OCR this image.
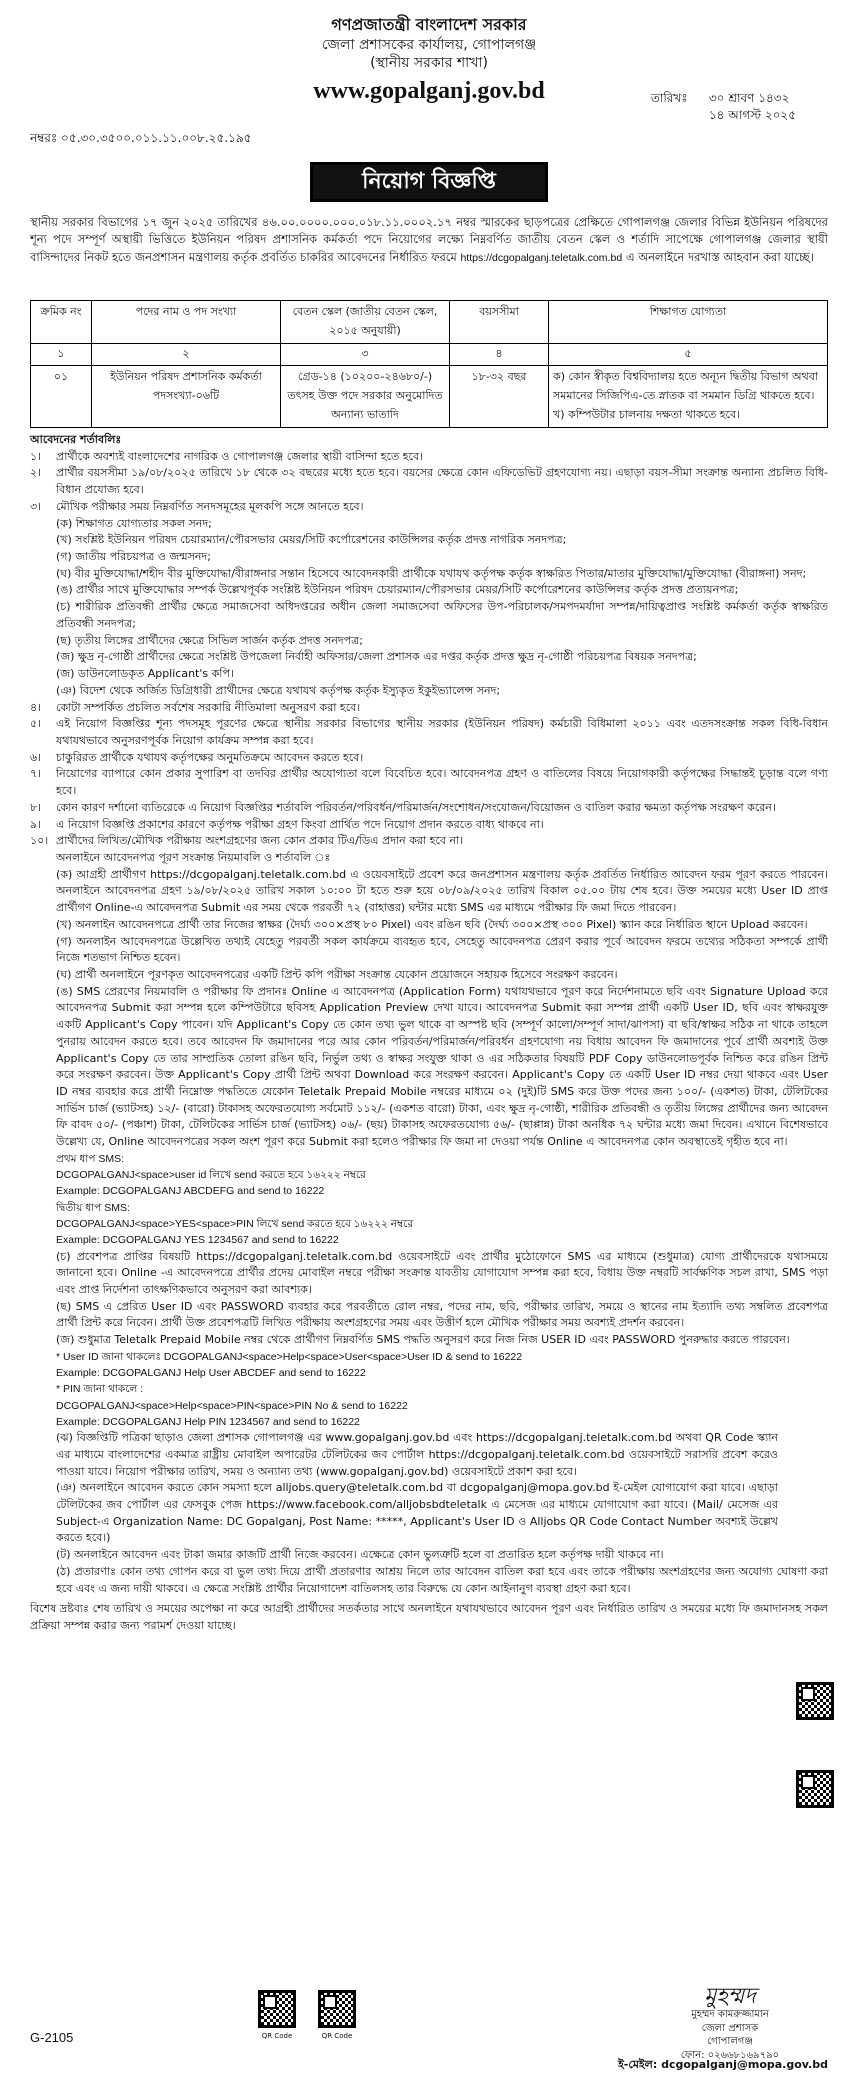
গণপ্রজাতন্ত্রী বাংলাদেশ সরকার
জেলা প্রশাসকের কার্যালয়, গোপালগঞ্জ
(স্থানীয় সরকার শাখা)
www.gopalganj.gov.bd	তারিখঃ ৩০ শ্রাবণ ১৪৩২
১৪ আগস্ট ২০২৫
নম্বরঃ ০৫.৩০.৩৫০০.০১১.১১.০০৮.২৫.১৯৫
নিয়োগ বিজ্ঞপ্তি
স্থানীয় সরকার বিভাগের ১৭ জুন ২০২৫ তারিখের ৪৬.০০.০০০০.০০০.০১৮.১১.০০০২.১৭ নম্বর স্মারকের ছাড়পত্রের প্রেক্ষিতে গোপালগঞ্জ জেলার বিভিন্ন ইউনিয়ন পরিষদের শূন্য পদে সম্পূর্ণ অস্থায়ী ভিত্তিতে ইউনিয়ন পরিষদ প্রশাসনিক কর্মকর্তা পদে নিয়োগের লক্ষ্যে নিম্নবর্ণিত জাতীয় বেতন স্কেল ও শর্তাদি সাপেক্ষে গোপালগঞ্জ জেলার স্থায়ী বাসিন্দাদের নিকট হতে জনপ্রশাসন মন্ত্রণালয় কর্তৃক প্রবর্তিত চাকরির আবেদনের নির্ধারিত ফরমে https://dcgopalganj.teletalk.com.bd এ অনলাইনে দরখাস্ত আহবান করা যাচ্ছে।
ক্রমিক নং	পদের নাম ও পদ সংখ্যা	বেতন স্কেল (জাতীয় বেতন স্কেল, ২০১৫ অনুযায়ী)	বয়সসীমা	শিক্ষাগত যোগ্যতা
১	২	৩	৪	৫
০১	ইউনিয়ন পরিষদ প্রশাসনিক কর্মকর্তা পদসংখ্যা-০৬টি	গ্রেড-১৪ (১০২০০-২৪৬৮০/-) তৎসহ উক্ত পদে সরকার অনুমোদিত অন্যান্য ভাতাদি	১৮-৩২ বছর	ক) কোন স্বীকৃত বিশ্ববিদ্যালয় হতে অন্যূন দ্বিতীয় বিভাগ অথবা সমমানের সিজিপিএ-তে স্নাতক বা সমমান ডিগ্রি থাকতে হবে।
খ) কম্পিউটার চালনায় দক্ষতা থাকতে হবে।
আবেদনের শর্তাবলিঃ
১।	প্রার্থীকে অবশ্যই বাংলাদেশের নাগরিক ও গোপালগঞ্জ জেলার স্থায়ী বাসিন্দা হতে হবে।
২।	প্রার্থীর বয়সসীমা ১৯/০৮/২০২৫ তারিখে ১৮ থেকে ৩২ বছরের মধ্যে হতে হবে। বয়সের ক্ষেত্রে কোন এফিডেভিট গ্রহণযোগ্য নয়। এছাড়া বয়স-সীমা সংক্রান্ত অন্যান্য প্রচলিত বিধি-বিধান প্রযোজ্য হবে।
৩।	মৌখিক পরীক্ষার সময় নিম্নবর্ণিত সনদসমূহের মূলকপি সঙ্গে আনতে হবে।
(ক) শিক্ষাগত যোগ্যতার সকল সনদ;
(খ) সংশ্লিষ্ট ইউনিয়ন পরিষদ চেয়ারম্যান/পৌরসভার মেয়র/সিটি কর্পোরেশনের কাউন্সিলর কর্তৃক প্রদত্ত নাগরিক সনদপত্র;
(গ) জাতীয় পরিচয়পত্র ও জন্মসনদ;
(ঘ) বীর মুক্তিযোদ্ধা/শহীদ বীর মুক্তিযোদ্ধা/বীরাঙ্গনার সন্তান হিসেবে আবেদনকারী প্রার্থীকে যথাযথ কর্তৃপক্ষ কর্তৃক স্বাক্ষরিত পিতার/মাতার মুক্তিযোদ্ধা/মুক্তিযোদ্ধা (বীরাঙ্গনা) সনদ;
(ঙ) প্রার্থীর সাথে মুক্তিযোদ্ধার সম্পর্ক উল্লেখপূর্বক সংশ্লিষ্ট ইউনিয়ন পরিষদ চেয়ারম্যান/পৌরসভার মেয়র/সিটি কর্পোরেশনের কাউন্সিলর কর্তৃক প্রদত্ত প্রত্যয়নপত্র;
(চ) শারীরিক প্রতিবন্ধী প্রার্থীর ক্ষেত্রে সমাজসেবা অধিদপ্তরের অধীন জেলা সমাজসেবা অফিসের উপ-পরিচালক/সমপদমর্যাদা সম্পন্ন/দায়িত্বপ্রাপ্ত সংশ্লিষ্ট কর্মকর্তা কর্তৃক স্বাক্ষরিত প্রতিবন্ধী সনদপত্র;
(ছ) তৃতীয় লিঙ্গের প্রার্থীদের ক্ষেত্রে সিভিল সার্জন কর্তৃক প্রদত্ত সনদপত্র;
(জ) ক্ষুদ্র নৃ-গোষ্ঠী প্রার্থীদের ক্ষেত্রে সংশ্লিষ্ট উপজেলা নির্বাহী অফিসার/জেলা প্রশাসক এর দপ্তর কর্তৃক প্রদত্ত ক্ষুদ্র নৃ-গোষ্ঠী পরিচয়পত্র বিষয়ক সনদপত্র;
(জ) ডাউনলোডকৃত Applicant's কপি।
(ঞ) বিদেশ থেকে অর্জিত ডিগ্রিধারী প্রার্থীদের ক্ষেত্রে যথাযথ কর্তৃপক্ষ কর্তৃক ইস্যুকৃত ইকুইভ্যালেন্স সনদ;
৪।	কোটা সম্পর্কিত প্রচলিত সর্বশেষ সরকারি নীতিমালা অনুসরণ করা হবে।
৫।	এই নিয়োগ বিজ্ঞপ্তির শূন্য পদসমূহ পূরণের ক্ষেত্রে স্থানীয় সরকার বিভাগের স্থানীয় সরকার (ইউনিয়ন পরিষদ) কর্মচারী বিধিমালা ২০১১ এবং এতদসংক্রান্ত সকল বিধি-বিধান যথাযথভাবে অনুসরণপূর্বক নিয়োগ কার্যক্রম সম্পন্ন করা হবে।
৬।	চাকুরিরত প্রার্থীকে যথাযথ কর্তৃপক্ষের অনুমতিক্রমে আবেদন করতে হবে।
৭।	নিয়োগের ব্যাপারে কোন প্রকার সুপারিশ বা তদবির প্রার্থীর অযোগ্যতা বলে বিবেচিত হবে। আবেদনপত্র গ্রহণ ও বাতিলের বিষয়ে নিয়োগকারী কর্তৃপক্ষের সিদ্ধান্তই চূড়ান্ত বলে গণ্য হবে।
৮।	কোন কারণ দর্শানো ব্যতিরেকে এ নিয়োগ বিজ্ঞপ্তির শর্তাবলি পরিবর্তন/পরিবর্ধন/পরিমার্জন/সংশোধন/সংযোজন/বিয়োজন ও বাতিল করার ক্ষমতা কর্তৃপক্ষ সংরক্ষণ করেন।
৯।	এ নিয়োগ বিজ্ঞপ্তি প্রকাশের কারণে কর্তৃপক্ষ পরীক্ষা গ্রহণ কিংবা প্রার্থিত পদে নিয়োগ প্রদান করতে বাধ্য থাকবে না।
১০। প্রার্থীদের লিখিত/মৌখিক পরীক্ষায় অংশগ্রহণের জন্য কোন প্রকার টিএ/ডিএ প্রদান করা হবে না।
অনলাইনে আবেদনপত্র পূরণ সংক্রান্ত নিয়মাবলি ও শর্তাবলি ঃ
(ক) আগ্রহী প্রার্থীগণ https://dcgopalganj.teletalk.com.bd এ ওয়েবসাইটে প্রবেশ করে জনপ্রশাসন মন্ত্রণালয় কর্তৃক প্রবর্তিত নির্ধারিত আবেদন ফরম পূরণ করতে পারবেন। অনলাইনে আবেদনপত্র গ্রহণ ১৯/০৮/২০২৫ তারিখ সকাল ১০:০০ টা হতে শুরু হয়ে ০৮/০৯/২০২৫ তারিখ বিকাল ০৫.০০ টায় শেষ হবে। উক্ত সময়ের মধ্যে User ID প্রাপ্ত প্রার্থীগণ Online-এ আবেদনপত্র Submit এর সময় থেকে পরবর্তী ৭২ (বাহাত্তর) ঘন্টার মধ্যে SMS এর মাধ্যমে পরীক্ষার ফি জমা দিতে পারবেন।
(খ) অনলাইন আবেদনপত্রে প্রার্থী তার নিজের স্বাক্ষর (দৈর্ঘ্য ৩০০×প্রস্থ ৮০ Pixel) এবং রঙিন ছবি (দৈর্ঘ্য ৩০০×প্রস্থ ৩০০ Pixel) স্ক্যান করে নির্ধারিত স্থানে Upload করবেন।
(গ) অনলাইন আবেদনপত্রে উল্লেখিত তথ্যই যেহেতু পরবর্তী সকল কার্যক্রমে ব্যবহৃত হবে, সেহেতু আবেদনপত্র প্রেরণ করার পূর্বে আবেদন ফরমে তথ্যের সঠিকতা সম্পর্কে প্রার্থী নিজে শতভাগ নিশ্চিত হবেন।
(ঘ) প্রার্থী অনলাইনে পূরণকৃত আবেদনপত্রের একটি প্রিন্ট কপি পরীক্ষা সংক্রান্ত যেকোন প্রয়োজনে সহায়ক হিসেবে সংরক্ষণ করবেন।
(ঙ) SMS প্রেরণের নিয়মাবলি ও পরীক্ষার ফি প্রদানঃ Online এ আবেদনপত্র (Application Form) যথাযথভাবে পূরণ করে নির্দেশনামতে ছবি এবং Signature Upload করে আবেদনপত্র Submit করা সম্পন্ন হলে কম্পিউটারে ছবিসহ Application Preview দেখা যাবে। আবেদনপত্র Submit করা সম্পন্ন প্রার্থী একটি User ID, ছবি এবং স্বাক্ষরযুক্ত একটি Applicant's Copy পাবেন। যদি Applicant's Copy তে কোন তথ্য ভুল থাকে বা অস্পষ্ট ছবি (সম্পূর্ণ কালো/সম্পূর্ণ সাদা/ঝাপসা) বা ছবি/স্বাক্ষর সঠিক না থাকে তাহলে পুনরায় আবেদন করতে হবে। তবে আবেদন ফি জমাদানের পরে আর কোন পরিবর্তন/পরিমার্জন/পরিবর্ধন গ্রহণযোগ্য নয় বিধায় আবেদন ফি জমাদানের পূর্বে প্রার্থী অবশ্যই উক্ত Applicant's Copy তে তার সাম্প্রতিক তোলা রঙিন ছবি, নির্ভুল তথ্য ও স্বাক্ষর সংযুক্ত থাকা ও এর সঠিকতার বিষয়টি PDF Copy ডাউনলোডপূর্বক নিশ্চিত করে রঙিন প্রিন্ট করে সংরক্ষণ করবেন। উক্ত Applicant's Copy প্রার্থী প্রিন্ট অথবা Download করে সংরক্ষণ করবেন। Applicant's Copy তে একটি User ID নম্বর দেয়া থাকবে এবং User ID নম্বর ব্যবহার করে প্রার্থী নিম্নোক্ত পদ্ধতিতে যেকোন Teletalk Prepaid Mobile নম্বরের মাধ্যমে ০২ (দুই)টি SMS করে উক্ত পদের জন্য ১০০/- (একশত) টাকা, টেলিটকের সার্ভিস চার্জ (ভ্যাটসহ) ১২/- (বারো) টাকাসহ অফেরতযোগ্য সর্বমোট ১১২/- (একশত বারো) টাকা, এবং ক্ষুদ্র নৃ-গোষ্ঠী, শারীরিক প্রতিবন্ধী ও তৃতীয় লিঙ্গের প্রার্থীদের জন্য আবেদন ফি বাবদ ৫০/- (পঞ্চাশ) টাকা, টেলিটকের সার্ভিস চার্জ (ভ্যাটসহ) ০৬/- (ছয়) টাকাসহ অফেরতযোগ্য ৫৬/- (ছাপ্পান্ন) টাকা অনধিক ৭২ ঘন্টার মধ্যে জমা দিবেন। এখানে বিশেষভাবে উল্লেখ্য যে, Online আবেদনপত্রের সকল অংশ পূরণ করে Submit করা হলেও পরীক্ষার ফি জমা না দেওয়া পর্যন্ত Online এ আবেদনপত্র কোন অবস্থাতেই গৃহীত হবে না।
প্রথম ধাপ SMS:
DCGOPALGANJ<space>user id লিখে send করতে হবে ১৬২২২ নম্বরে
Example: DCGOPALGANJ ABCDEFG and send to 16222
দ্বিতীয় ধাপ SMS:
DCGOPALGANJ<space>YES<space>PIN লিখে send করতে হবে ১৬২২২ নম্বরে
Example: DCGOPALGANJ YES 1234567 and send to 16222
(চ) প্রবেশপত্র প্রাপ্তির বিষয়টি https://dcgopalganj.teletalk.com.bd ওয়েবসাইটে এবং প্রার্থীর মুঠোফোনে SMS এর মাধ্যমে (শুধুমাত্র) যোগ্য প্রার্থীদেরকে যথাসময়ে জানানো হবে। Online -এ আবেদনপত্রে প্রার্থীর প্রদেয় মোবাইল নম্বরে পরীক্ষা সংক্রান্ত যাবতীয় যোগাযোগ সম্পন্ন করা হবে, বিধায় উক্ত নম্বরটি সার্বক্ষণিক সচল রাখা, SMS পড়া এবং প্রাপ্ত নির্দেশনা তাৎক্ষণিকভাবে অনুসরণ করা আবশ্যক।
(ছ) SMS এ প্রেরিত User ID এবং PASSWORD ব্যবহার করে পরবর্তীতে রোল নম্বর, পদের নাম, ছবি, পরীক্ষার তারিখ, সময়ে ও স্থানের নাম ইত্যাদি তথ্য সম্বলিত প্রবেশপত্র প্রার্থী প্রিন্ট করে নিবেন। প্রার্থী উক্ত প্রবেশপত্রটি লিখিত পরীক্ষায় অংশগ্রহণের সময় এবং উত্তীর্ণ হলে মৌখিক পরীক্ষার সময় অবশ্যই প্রদর্শন করবেন।
(জ) শুধুমাত্র Teletalk Prepaid Mobile নম্বর থেকে প্রার্থীগণ নিম্নবর্ণিত SMS পদ্ধতি অনুসরণ করে নিজ নিজ USER ID এবং PASSWORD পুনরুদ্ধার করতে পারবেন।
* User ID জানা থাকলেঃ DCGOPALGANJ<space>Help<space>User<space>User ID & send to 16222
Example: DCGOPALGANJ Help User ABCDEF and send to 16222
* PIN জানা থাকলে :
DCGOPALGANJ<space>Help<space>PIN<space>PIN No & send to 16222
Example: DCGOPALGANJ Help PIN 1234567 and send to 16222
(ঝ) বিজ্ঞপ্তিটি পত্রিকা ছাড়াও জেলা প্রশাসক গোপালগঞ্জ এর www.gopalganj.gov.bd এবং https://dcgopalganj.teletalk.com.bd অথবা QR Code স্ক্যান এর মাধ্যমে বাংলাদেশের একমাত্র রাষ্ট্রীয় মোবাইল অপারেটর টেলিটকের জব পোর্টাল https://dcgopalganj.teletalk.com.bd ওয়েবসাইটে সরাসরি প্রবেশ করেও পাওয়া যাবে। নিয়োগ পরীক্ষার তারিখ, সময় ও অন্যান্য তথ্য (www.gopalganj.gov.bd) ওয়েবসাইটে প্রকাশ করা হবে।
(ঞ) অনলাইনে আবেদন করতে কোন সমস্যা হলে alljobs.query@teletalk.com.bd বা dcgopalganj@mopa.gov.bd ই-মেইল যোগাযোগ করা যাবে। এছাড়া টেলিটকের জব পোর্টাল এর ফেসবুক পেজ https://www.facebook.com/alljobsbdteletalk এ মেসেজ এর মাধ্যমে যোগাযোগ করা যাবে। (Mail/ মেসেজ এর Subject-এ Organization Name: DC Gopalganj, Post Name: *****, Applicant's User ID ও Alljobs QR Code Contact Number অবশ্যই উল্লেখ করতে হবে।)
(ট) অনলাইনে আবেদন এবং টাকা জমার কাজটি প্রার্থী নিজে করবেন। এক্ষেত্রে কোন ভুলত্রুটি হলে বা প্রতারিত হলে কর্তৃপক্ষ দায়ী থাকবে না।
(ঠ) প্রতারণাঃ কোন তথ্য গোপন করে বা ভুল তথ্য দিয়ে প্রার্থী প্রতারণার আশ্রয় নিলে তার আবেদন বাতিল করা হবে এবং তাকে পরীক্ষায় অংশগ্রহণের জন্য অযোগ্য ঘোষণা করা হবে এবং এ জন্য দায়ী থাকবে। এ ক্ষেত্রে সংশ্লিষ্ট প্রার্থীর নিয়োগাদেশ বাতিলসহ তার বিরুদ্ধে যে কোন আইনানুগ ব্যবস্থা গ্রহণ করা হবে।
বিশেষ দ্রষ্টব্যঃ শেষ তারিখ ও সময়ের অপেক্ষা না করে আগ্রহী প্রার্থীদের সতর্কতার সাথে অনলাইনে যথাযথভাবে আবেদন পূরণ এবং নির্ধারিত তারিখ ও সময়ের মধ্যে ফি জমাদানসহ সকল প্রক্রিয়া সম্পন্ন করার জন্য পরামর্শ দেওয়া যাচ্ছে।
QR Code	QR Code
G-2105
মুহম্মদ
মুহম্মদ কামরুজ্জামান
জেলা প্রশাসক
গোপালগঞ্জ
ফোন: ০২৬৬৮১৬৯৭৯০
ই-মেইল: dcgopalganj@mopa.gov.bd
